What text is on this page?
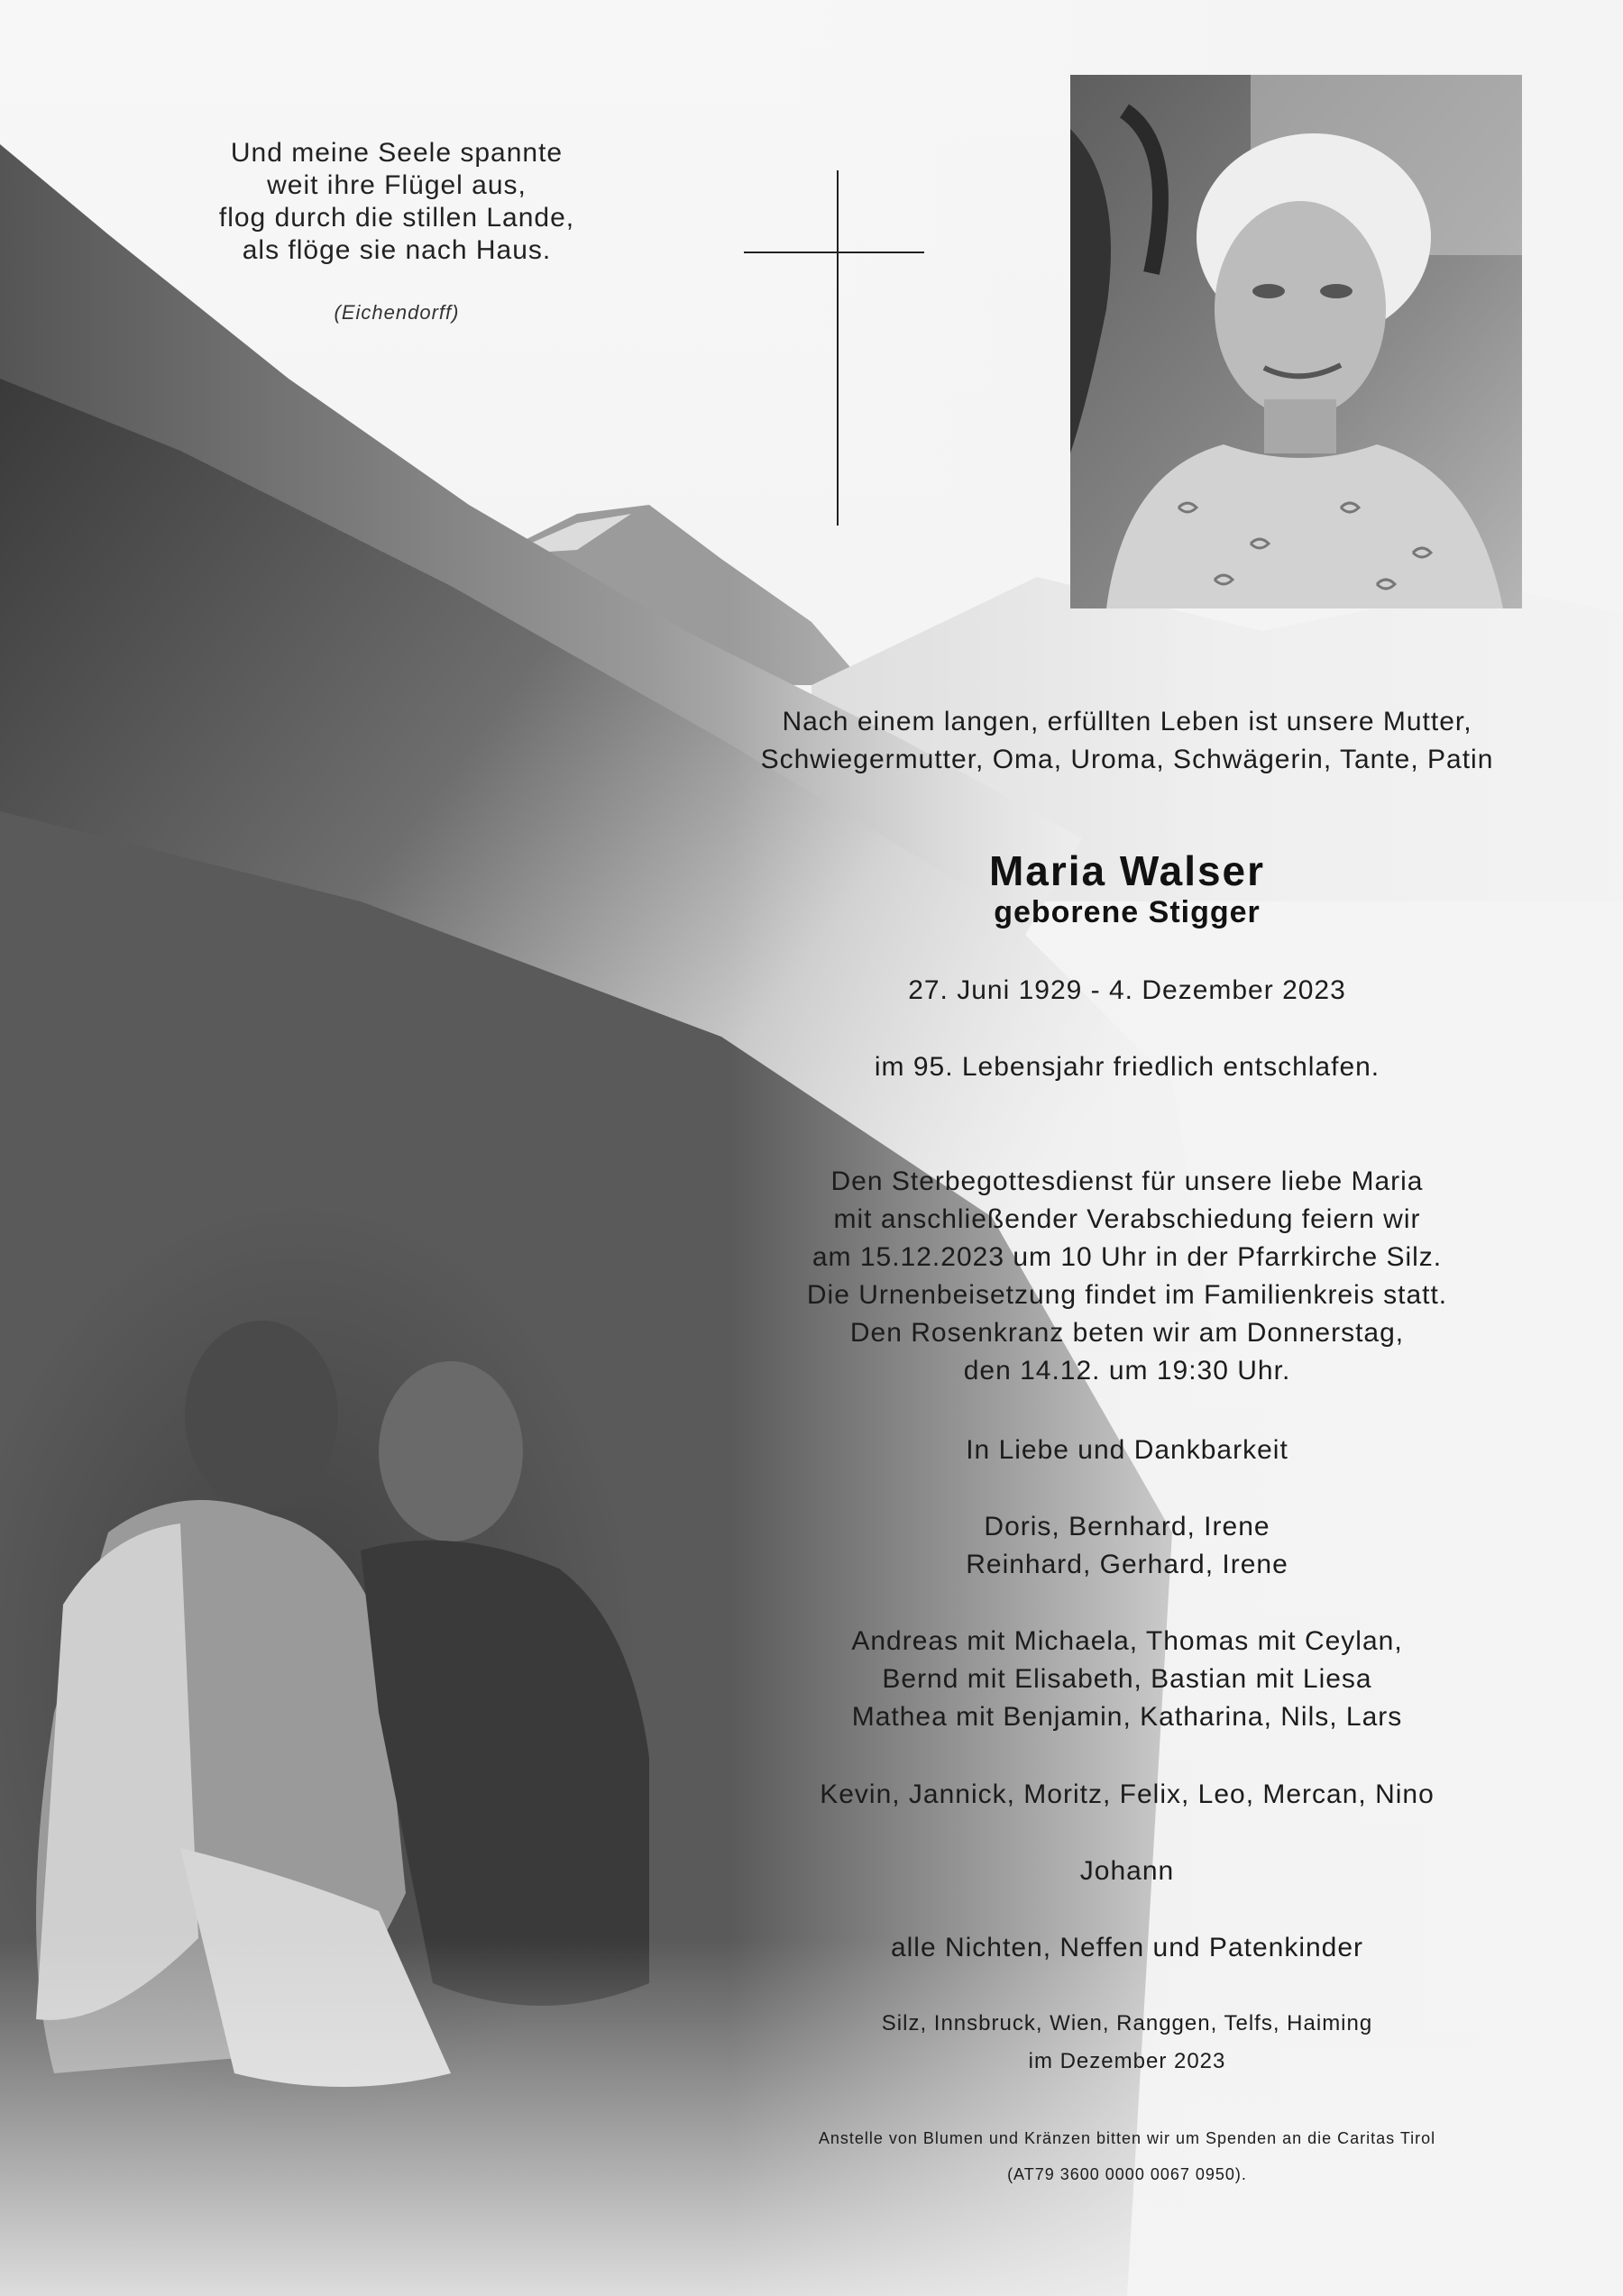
Und meine Seele spannte
weit ihre Flügel aus,
flog durch die stillen Lande,
als flöge sie nach Haus.
(Eichendorff)
Nach einem langen, erfüllten Leben ist unsere Mutter,
Schwiegermutter, Oma, Uroma, Schwägerin, Tante, Patin
Maria Walser
geborene Stigger
27. Juni 1929 - 4. Dezember 2023
im 95. Lebensjahr friedlich entschlafen.
Den Sterbegottesdienst für unsere liebe Maria
mit anschließender Verabschiedung feiern wir
am 15.12.2023 um 10 Uhr in der Pfarrkirche Silz.
Die Urnenbeisetzung findet im Familienkreis statt.
Den Rosenkranz beten wir am Donnerstag,
den 14.12. um 19:30 Uhr.
In Liebe und Dankbarkeit
Doris, Bernhard, Irene
Reinhard, Gerhard, Irene
Andreas mit Michaela, Thomas mit Ceylan,
Bernd mit Elisabeth, Bastian mit Liesa
Mathea mit Benjamin, Katharina, Nils, Lars
Kevin, Jannick, Moritz, Felix, Leo, Mercan, Nino
Johann
alle Nichten, Neffen und Patenkinder
Silz, Innsbruck, Wien, Ranggen, Telfs, Haiming
im Dezember 2023
Anstelle von Blumen und Kränzen bitten wir um Spenden an die Caritas Tirol
(AT79 3600 0000 0067 0950).
